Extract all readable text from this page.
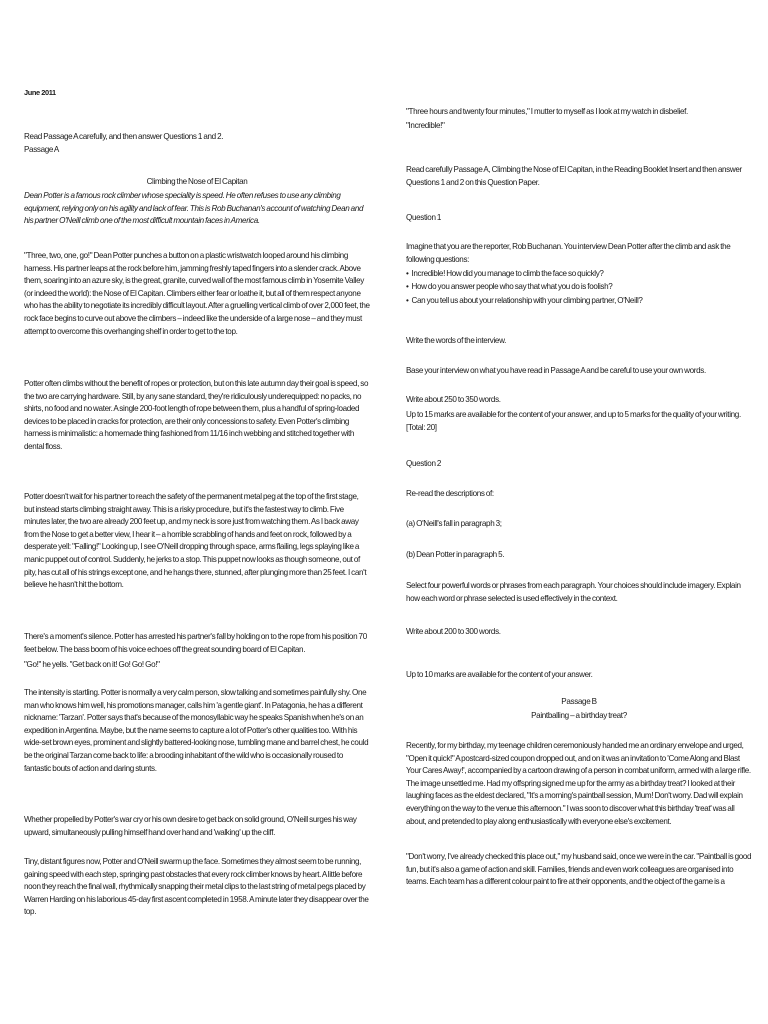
June 2011
Read Passage A carefully, and then answer Questions 1 and 2.
Passage A
Climbing the Nose of El Capitan
Dean Potter is a famous rock climber whose speciality is speed. He often refuses to use any climbing equipment, relying only on his agility and lack of fear. This is Rob Buchanan's account of watching Dean and his partner O'Neill climb one of the most difficult mountain faces in America.
"Three, two, one, go!" Dean Potter punches a button on a plastic wristwatch looped around his climbing harness. His partner leaps at the rock before him, jamming freshly taped fingers into a slender crack. Above them, soaring into an azure sky, is the great, granite, curved wall of the most famous climb in Yosemite Valley (or indeed the world): the Nose of El Capitan. Climbers either fear or loathe it, but all of them respect anyone who has the ability to negotiate its incredibly difficult layout. After a gruelling vertical climb of over 2,000 feet, the rock face begins to curve out above the climbers – indeed like the underside of a large nose – and they must attempt to overcome this overhanging shelf in order to get to the top.
Potter often climbs without the benefit of ropes or protection, but on this late autumn day their goal is speed, so the two are carrying hardware. Still, by any sane standard, they're ridiculously underequipped: no packs, no shirts, no food and no water. A single 200-foot length of rope between them, plus a handful of spring-loaded devices to be placed in cracks for protection, are their only concessions to safety. Even Potter's climbing harness is minimalistic: a homemade thing fashioned from 11/16 inch webbing and stitched together with dental floss.
Potter doesn't wait for his partner to reach the safety of the permanent metal peg at the top of the first stage, but instead starts climbing straight away. This is a risky procedure, but it's the fastest way to climb. Five minutes later, the two are already 200 feet up, and my neck is sore just from watching them. As I back away from the Nose to get a better view, I hear it – a horrible scrabbling of hands and feet on rock, followed by a desperate yell: "Falling!" Looking up, I see O'Neill dropping through space, arms flailing, legs splaying like a manic puppet out of control. Suddenly, he jerks to a stop. This puppet now looks as though someone, out of pity, has cut all of his strings except one, and he hangs there, stunned, after plunging more than 25 feet. I can't believe he hasn't hit the bottom.
There's a moment's silence. Potter has arrested his partner's fall by holding on to the rope from his position 70 feet below. The bass boom of his voice echoes off the great sounding board of El Capitan.
"Go!" he yells. "Get back on it! Go! Go! Go!"
The intensity is startling. Potter is normally a very calm person, slow talking and sometimes painfully shy. One man who knows him well, his promotions manager, calls him 'a gentle giant'. In Patagonia, he has a different nickname: 'Tarzan'. Potter says that's because of the monosyllabic way he speaks Spanish when he's on an expedition in Argentina. Maybe, but the name seems to capture a lot of Potter's other qualities too. With his wide-set brown eyes, prominent and slightly battered-looking nose, tumbling mane and barrel chest, he could be the original Tarzan come back to life: a brooding inhabitant of the wild who is occasionally roused to fantastic bouts of action and daring stunts.
Whether propelled by Potter's war cry or his own desire to get back on solid ground, O'Neill surges his way upward, simultaneously pulling himself hand over hand and 'walking' up the cliff.
Tiny, distant figures now, Potter and O'Neill swarm up the face. Sometimes they almost seem to be running, gaining speed with each step, springing past obstacles that every rock climber knows by heart. A little before noon they reach the final wall, rhythmically snapping their metal clips to the last string of metal pegs placed by Warren Harding on his laborious 45-day first ascent completed in 1958. A minute later they disappear over the top.
"Three hours and twenty four minutes," I mutter to myself as I look at my watch in disbelief.
"Incredible!"
Read carefully Passage A, Climbing the Nose of El Capitan, in the Reading Booklet Insert and then answer Questions 1 and 2 on this Question Paper.
Question 1
Imagine that you are the reporter, Rob Buchanan. You interview Dean Potter after the climb and ask the following questions:
• Incredible! How did you manage to climb the face so quickly?
• How do you answer people who say that what you do is foolish?
• Can you tell us about your relationship with your climbing partner, O'Neill?
Write the words of the interview.
Base your interview on what you have read in Passage A and be careful to use your own words.
Write about 250 to 350 words.
Up to 15 marks are available for the content of your answer, and up to 5 marks for the quality of your writing. [Total: 20]
Question 2
Re-read the descriptions of:
(a) O'Neill's fall in paragraph 3;
(b) Dean Potter in paragraph 5.
Select four powerful words or phrases from each paragraph. Your choices should include imagery. Explain how each word or phrase selected is used effectively in the context.
Write about 200 to 300 words.
Up to 10 marks are available for the content of your answer.
Passage B
Paintballing – a birthday treat?
Recently, for my birthday, my teenage children ceremoniously handed me an ordinary envelope and urged, "Open it quick!" A postcard-sized coupon dropped out, and on it was an invitation to 'Come Along and Blast Your Cares Away!', accompanied by a cartoon drawing of a person in combat uniform, armed with a large rifle. The image unsettled me. Had my offspring signed me up for the army as a birthday treat? I looked at their laughing faces as the eldest declared, "It's a morning's paintball session, Mum! Don't worry. Dad will explain everything on the way to the venue this afternoon." I was soon to discover what this birthday 'treat' was all about, and pretended to play along enthusiastically with everyone else's excitement.
"Don't worry, I've already checked this place out," my husband said, once we were in the car. "Paintball is good fun, but it's also a game of action and skill. Families, friends and even work colleagues are organised into teams. Each team has a different colour paint to fire at their opponents, and the object of the game is a
